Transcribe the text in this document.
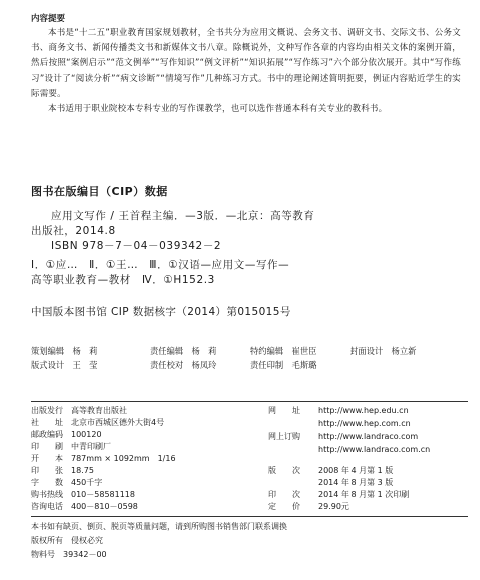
内容提要

本书是“十二五”职业教育国家规划教材，全书共分为应用文概说、会务文书、调研文书、交际文书、公务文书、商务文书、新闻传播类文书和新媒体文书八章。除概说外，文种写作各章的内容均由相关文体的案例开篇，然后按照“案例启示”“范文例举”“写作知识”“例文评析”“知识拓展”“写作练习”六个部分依次展开。其中“写作练习”设计了“阅读分析”“病文诊断”“情境写作”几种练习方式。书中的理论阐述简明扼要，例证内容贴近学生的实际需要。

本书适用于职业院校本专科专业的写作课教学，也可以选作普通本科有关专业的教科书。

图书在版编目（CIP）数据
应用文写作 / 王首程主编．—3版．—北京：高等教育
出版社，2014.8
ISBN 978－7－04－039342－2
Ⅰ．①应…　Ⅱ．①王…　Ⅲ．①汉语—应用文—写作—
高等职业教育—教材　Ⅳ．①H152.3
中国版本图书馆 CIP 数据核字（2014）第015015号
策划编辑　 杨　莉	责任编辑　 杨　莉	特约编辑　 崔世臣	封面设计　 杨立新
版式设计　 王　莹	责任校对　 杨凤玲	责任印制　 毛斯璐
出版发行　 高等教育出版社
社　　址　 北京市西城区德外大街4号
邮政编码　 100120
印　　刷　 中青印刷厂
开　　本　 787mm × 1092mm　1/16
印　　张　 18.75
字　　数　 450千字
购书热线　 010－58581118
咨询电话　 400－810－0598
网　　址　 http://www.hep.edu.cn
　http://www.hep.com.cn
网上订购　 http://www.landraco.com
　http://www.landraco.com.cn
版　　次　 2008 年 4 月第 1 版
　2014 年 8 月第 3 版
印　　次　 2014 年 8 月第 1 次印刷
定　　价　 29.90元
本书如有缺页、倒页、脱页等质量问题，请到所购图书销售部门联系调换
版权所有　侵权必究
物料号　39342－00
